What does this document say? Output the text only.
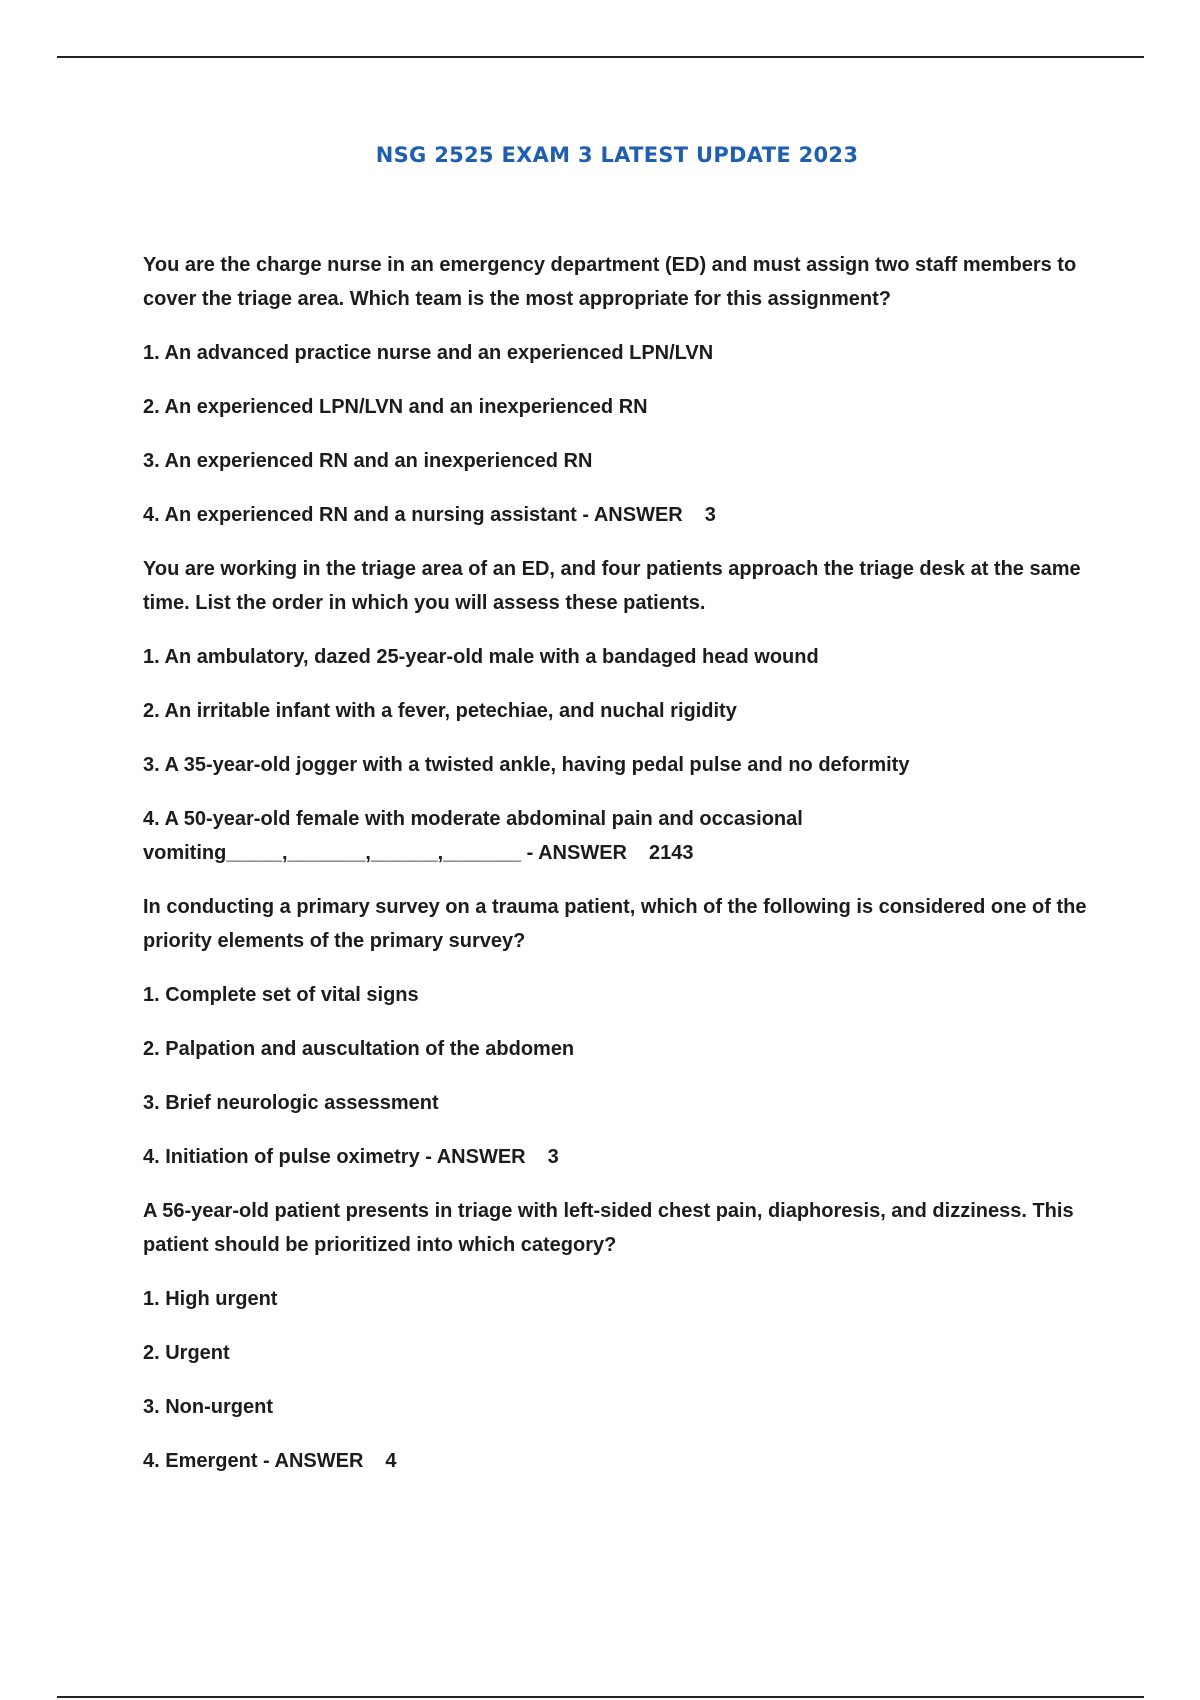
NSG 2525 EXAM 3 LATEST UPDATE 2023

You are the charge nurse in an emergency department (ED) and must assign two staff members to cover the triage area. Which team is the most appropriate for this assignment?

1. An advanced practice nurse and an experienced LPN/LVN

2. An experienced LPN/LVN and an inexperienced RN

3. An experienced RN and an inexperienced RN

4. An experienced RN and a nursing assistant - ANSWER 3

You are working in the triage area of an ED, and four patients approach the triage desk at the same time. List the order in which you will assess these patients.

1. An ambulatory, dazed 25-year-old male with a bandaged head wound

2. An irritable infant with a fever, petechiae, and nuchal rigidity

3. A 35-year-old jogger with a twisted ankle, having pedal pulse and no deformity

4. A 50-year-old female with moderate abdominal pain and occasional vomiting_____,_______,______,_______ - ANSWER 2143

In conducting a primary survey on a trauma patient, which of the following is considered one of the priority elements of the primary survey?

1. Complete set of vital signs

2. Palpation and auscultation of the abdomen

3. Brief neurologic assessment

4. Initiation of pulse oximetry - ANSWER 3

A 56-year-old patient presents in triage with left-sided chest pain, diaphoresis, and dizziness. This patient should be prioritized into which category?

1. High urgent

2. Urgent

3. Non-urgent

4. Emergent - ANSWER 4
